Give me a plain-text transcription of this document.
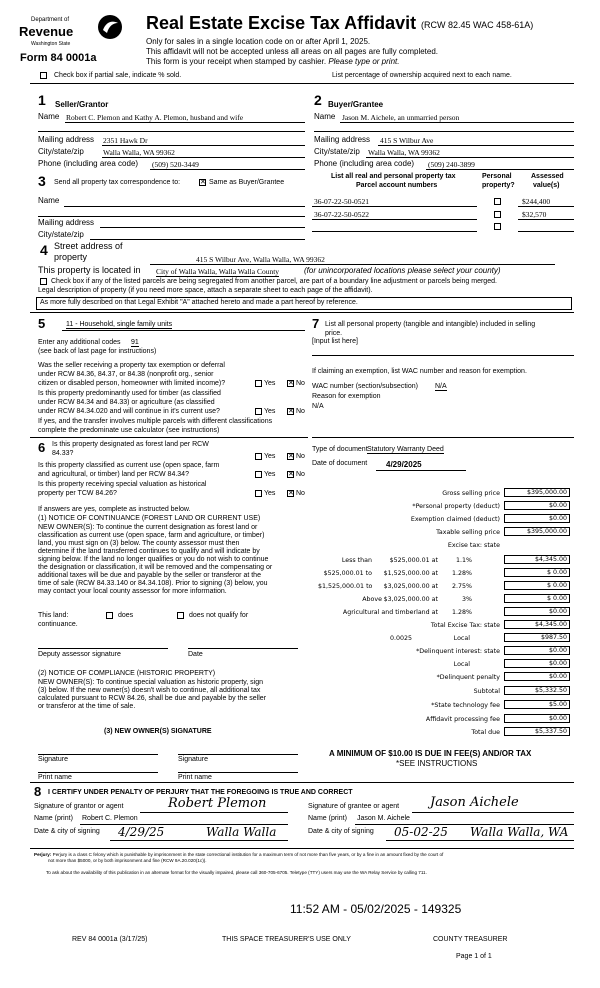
Department of
Revenue
Washington State
Form 84 0001a
Real Estate Excise Tax Affidavit (RCW 82.45 WAC 458-61A)
Only for sales in a single location code on or after April 1, 2025.
This affidavit will not be accepted unless all areas on all pages are fully completed.
This form is your receipt when stamped by cashier. Please type or print.
Check box if partial sale, indicate % sold.	List percentage of ownership acquired next to each name.
1 Seller/Grantor
Name Robert C. Plemon and Kathy A. Plemon, husband and wife
Mailing address 2351 Hawk Dr
City/state/zip	Walla Walla, WA 99362
Phone (including area code) (509) 520-3449
2 Buyer/Grantee
Name Jason M. Aichele, an unmarried person
Mailing address 415 S Wilbur Ave
City/state/zip Walla Walla, WA 99362
Phone (including area code) (509) 240-3899
3 Send all property tax correspondence to:	✕ Same as Buyer/Grantee
Name
Mailing address
City/state/zip
List all real and personal property tax
Parcel account numbers
Personal
property?
Assessed
value(s)
36-07-22-50-0521	$244,400
36-07-22-50-0522	$32,570
4 Street address of
property	415 S Wilbur Ave, Walla Walla, WA 99362
This property is located in City of Walla Walla, Walla Walla County	(for unincorporated locations please select your county)
Check box if any of the listed parcels are being segregated from another parcel, are part of a boundary line adjustment or parcels being merged.
Legal description of property (if you need more space, attach a separate sheet to each page of the affidavit).
As more fully described on that Legal Exhibit "A" attached hereto and made a part hereof by reference.
5	11 - Household, single family units
Enter any additional codes 91
(see back of last page for instructions)
Was the seller receiving a property tax exemption or deferral
under RCW 84.36, 84.37, or 84.38 (nonprofit org., senior
citizen or disabled person, homeowner with limited income)?	Yes ✕ No
Is this property predominantly used for timber (as classified
under RCW 84.34 and 84.33) or agriculture (as classified
under RCW 84.34.020 and will continue in it's current use?	Yes ✕ No
If yes, and the transfer involves multiple parcels with different classifications
complete the predominate use calculator (see instructions)
7 List all personal property (tangible and intangible) included in selling
price.
[Input list here]
If claiming an exemption, list WAC number and reason for exemption.
WAC number (section/subsection) N/A
Reason for exemption
N/A
6 Is this property designated as forest land per RCW
84.33?	Yes ✕ No
Is this property classified as current use (open space, farm
and agricultural, or timber) land per RCW 84.34?	Yes ✕ No
Is this property receiving special valuation as historical
property per TCW 84.26?	Yes ✕ No
If answers are yes, complete as instructed below.
(1) NOTICE OF CONTINUANCE (FOREST LAND OR CURRENT USE)
NEW OWNER(S): To continue the current designation as forest land or
classification as current use (open space, farm and agriculture, or timber)
land, you must sign on (3) below. The county assessor must then
determine if the land transferred continues to qualify and will indicate by
signing below. If the land no longer qualifies or you do not wish to continue
the designation or classification, it will be removed and the compensating or
additional taxes will be due and payable by the seller or transferor at the
time of sale (RCW 84.33.140 or 84.34.108). Prior to signing (3) below, you
may contact your local county assessor for more information.
This land:	does	does not qualify for
continuance.
Deputy assessor signature	Date
(2) NOTICE OF COMPLIANCE (HISTORIC PROPERTY)
NEW OWNER(S): To continue special valuation as historic property, sign
(3) below. If the new owner(s) doesn't wish to continue, all additional tax
calculated pursuant to RCW 84.26, shall be due and payable by the seller
or transferor at the time of sale.
(3) NEW OWNER(S) SIGNATURE
Signature	Signature
Print name	Print name
Type of document Statutory Warranty Deed
Date of document 4/29/2025
Gross selling price	$395,000.00
*Personal property (deduct)	$0.00
Exemption claimed (deduct)	$0.00
Taxable selling price	$395,000.00
Excise tax: state
Less than	$525,000.01 at	1.1%	$4,345.00
$525,000.01 to	$1,525,000.00 at	1.28%	$ 0.00
$1,525,000.01 to	$3,025,000.00 at	2.75%	$ 0.00
Above $3,025,000.00 at	3%	$ 0.00
Agricultural and timberland at	1.28%	$0.00
Total Excise Tax: state	$4,345.00
0.0025	Local	$987.50
*Delinquent interest: state	$0.00
Local	$0.00
*Delinquent penalty	$0.00
Subtotal	$5,332.50
*State technology fee	$5.00
Affidavit processing fee	$0.00
Total due	$5,337.50
A MINIMUM OF $10.00 IS DUE IN FEE(S) AND/OR TAX
*SEE INSTRUCTIONS
8 I CERTIFY UNDER PENALTY OF PERJURY THAT THE FOREGOING IS TRUE AND CORRECT
Signature of grantor or agent	Robert Plemon
Name (print) Robert C. Plemon
Date & city of signing 4/29/25	Walla Walla
Signature of grantee or agent Jason Aichele
Name (print) Jason M. Aichele
Date & city of signing 05-02-25 Walla Walla, WA
Perjury: Perjury is a class C felony which is punishable by imprisonment in the state correctional institution for a maximum term of not more than five years, or by a fine in an amount fixed by the court of
not more than $5000, or by both imprisonment and fine (RCW 9A.20.020(1c)).
To ask about the availability of this publication in an alternate format for the visually impaired, please call 360-705-6705. Teletype (TTY) users may use the WA Relay Service by calling 711.
11:52 AM - 05/02/2025 - 149325
REV 84 0001a (3/17/25)	THIS SPACE TREASURER'S USE ONLY	COUNTY TREASURER
Page 1 of 1
